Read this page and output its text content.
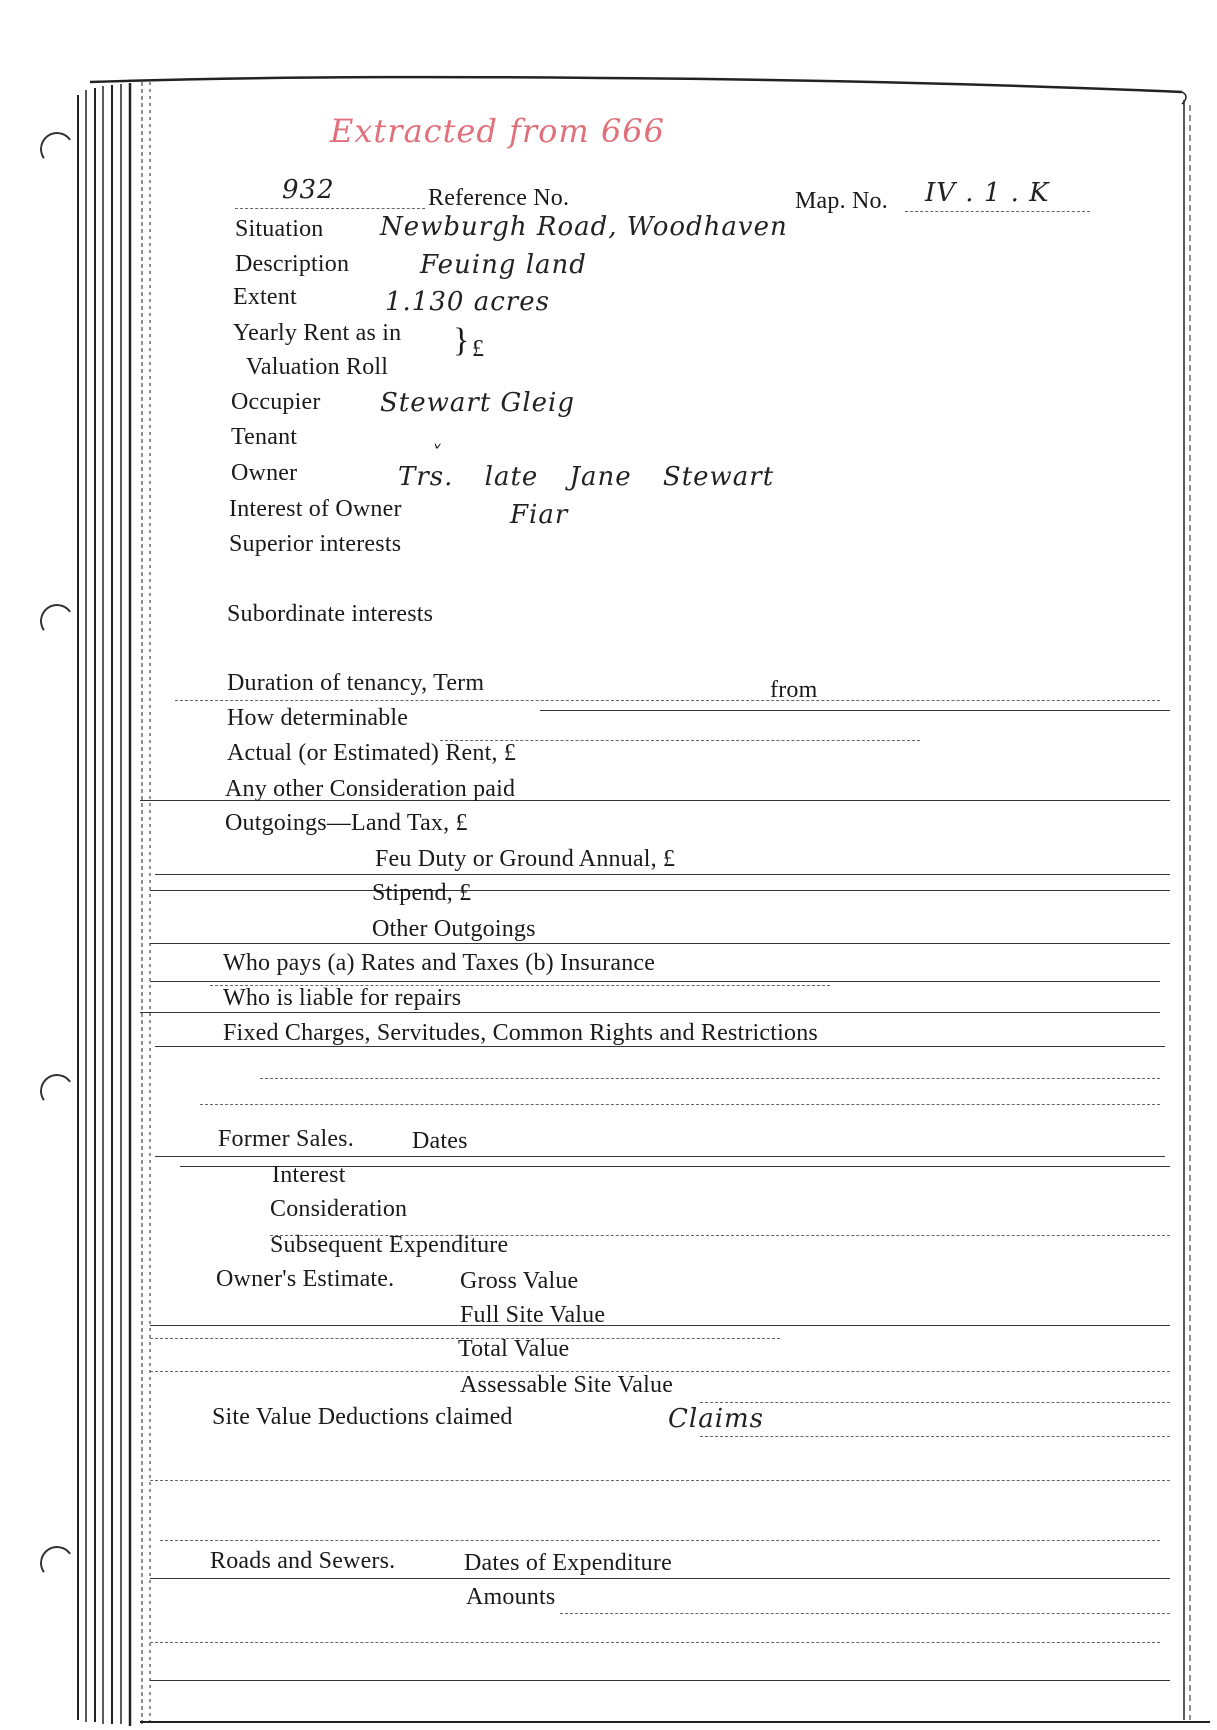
Extracted from 666
932	Reference No.	Map. No. IV . 1 . K
Situation Newburgh Road, Woodhaven
Description	Feuing land
Extent	1.130 acres
Yearly Rent as in
Valuation Roll
} £
Occupier Stewart Gleig
Tenant	ˬ
Owner	Trs. late Jane Stewart
Interest of Owner	Fiar
Superior interests
Subordinate interests
Duration of tenancy, Term	from
How determinable
Actual (or Estimated) Rent, £
Any other Consideration paid
Outgoings—Land Tax, £
Feu Duty or Ground Annual, £
Stipend, £
Other Outgoings
Who pays (a) Rates and Taxes (b) Insurance
Who is liable for repairs
Fixed Charges, Servitudes, Common Rights and Restrictions
Former Sales. Dates
Interest
Consideration
Subsequent Expenditure
Owner's Estimate.	Gross Value
Full Site Value
Total Value
Assessable Site Value
Site Value Deductions claimed	Claims
Roads and Sewers.	Dates of Expenditure
Amounts
